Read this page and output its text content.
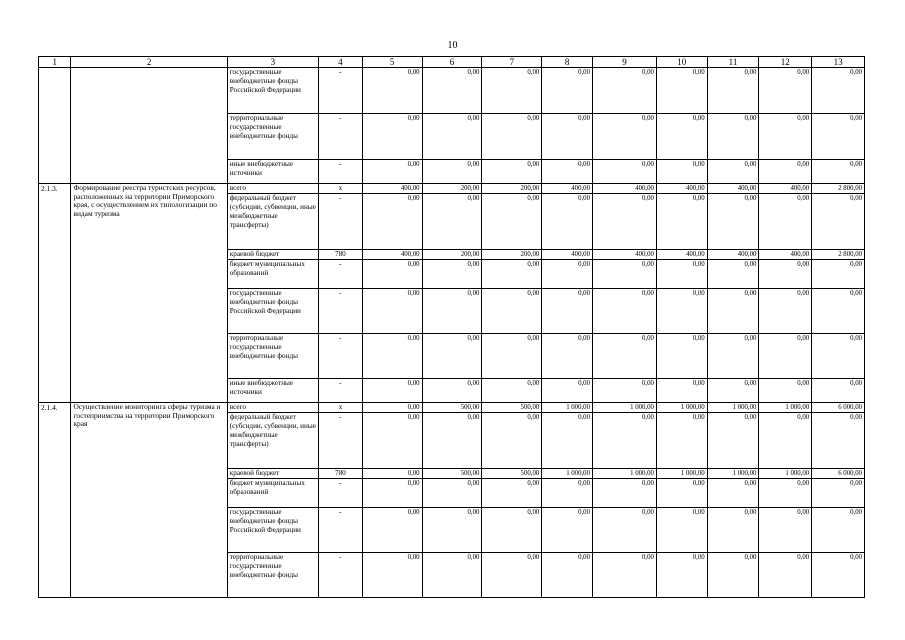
10
1	2	3	4	5	6	7	8	9	10	11	12	13
		государственные внебюджетные фонды Российской Федерации	-	0,00	0,00	0,00	0,00	0,00	0,00	0,00	0,00	0,00
		территориальные государственные внебюджетные фонды	-	0,00	0,00	0,00	0,00	0,00	0,00	0,00	0,00	0,00
		иные внебюджетные источники	-	0,00	0,00	0,00	0,00	0,00	0,00	0,00	0,00	0,00
2.1.3.	Формирование реестра туристских ресурсов, расположенных на территории Приморского края, с осуществлением их типологизации по видам туризма	всего	x	400,00	200,00	200,00	400,00	400,00	400,00	400,00	400,00	2 800,00
		федеральный бюджет (субсидии, субвенции, иные межбюджетные трансферты)	-	0,00	0,00	0,00	0,00	0,00	0,00	0,00	0,00	0,00
		краевой бюджет	780	400,00	200,00	200,00	400,00	400,00	400,00	400,00	400,00	2 800,00
		бюджет муниципальных образований	-	0,00	0,00	0,00	0,00	0,00	0,00	0,00	0,00	0,00
		государственные внебюджетные фонды Российской Федерации	-	0,00	0,00	0,00	0,00	0,00	0,00	0,00	0,00	0,00
		территориальные государственные внебюджетные фонды	-	0,00	0,00	0,00	0,00	0,00	0,00	0,00	0,00	0,00
		иные внебюджетные источники	-	0,00	0,00	0,00	0,00	0,00	0,00	0,00	0,00	0,00
2.1.4.	Осуществление мониторинга сферы туризма и гостеприимства на территории Приморского края	всего	x	0,00	500,00	500,00	1 000,00	1 000,00	1 000,00	1 000,00	1 000,00	6 000,00
		федеральный бюджет (субсидии, субвенции, иные межбюджетные трансферты)	-	0,00	0,00	0,00	0,00	0,00	0,00	0,00	0,00	0,00
		краевой бюджет	780	0,00	500,00	500,00	1 000,00	1 000,00	1 000,00	1 000,00	1 000,00	6 000,00
		бюджет муниципальных образований	-	0,00	0,00	0,00	0,00	0,00	0,00	0,00	0,00	0,00
		государственные внебюджетные фонды Российской Федерации	-	0,00	0,00	0,00	0,00	0,00	0,00	0,00	0,00	0,00
		территориальные государственные внебюджетные фонды	-	0,00	0,00	0,00	0,00	0,00	0,00	0,00	0,00	0,00
